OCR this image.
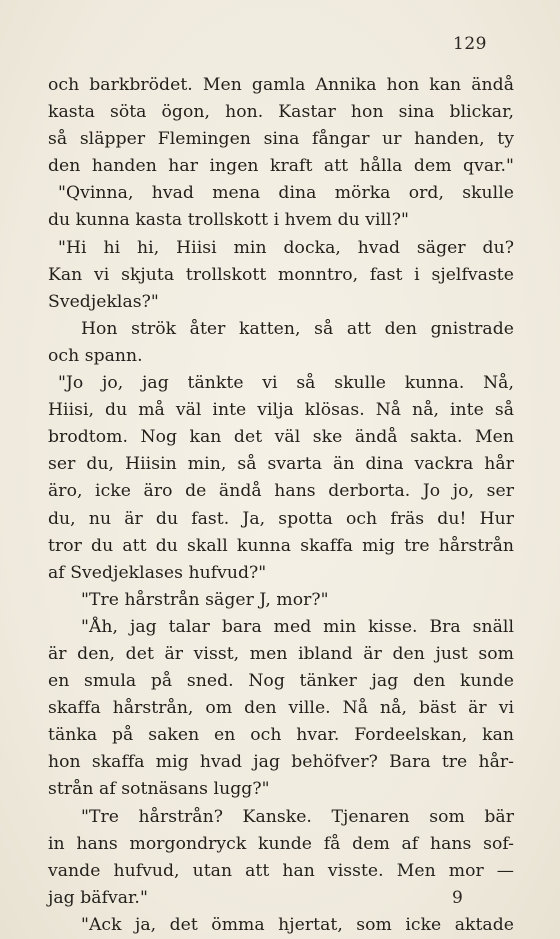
129
och barkbrödet. Men gamla Annika hon kan ändå
kasta söta ögon, hon. Kastar hon sina blickar,
så släpper Flemingen sina fångar ur handen, ty
den handen har ingen kraft att hålla dem qvar."
"Qvinna, hvad mena dina mörka ord, skulle
du kunna kasta trollskott i hvem du vill?"
"Hi hi hi, Hiisi min docka, hvad säger du?
Kan vi skjuta trollskott monntro, fast i sjelfvaste
Svedjeklas?"
Hon strök åter katten, så att den gnistrade
och spann.
"Jo jo, jag tänkte vi så skulle kunna. Nå,
Hiisi, du må väl inte vilja klösas. Nå nå, inte så
brodtom. Nog kan det väl ske ändå sakta. Men
ser du, Hiisin min, så svarta än dina vackra hår
äro, icke äro de ändå hans derborta. Jo jo, ser
du, nu är du fast. Ja, spotta och fräs du! Hur
tror du att du skall kunna skaffa mig tre hårstrån
af Svedjeklases hufvud?"
"Tre hårstrån säger J, mor?"
"Åh, jag talar bara med min kisse. Bra snäll
är den, det är visst, men ibland är den just som
en smula på sned. Nog tänker jag den kunde
skaffa hårstrån, om den ville. Nå nå, bäst är vi
tänka på saken en och hvar. Fordeelskan, kan
hon skaffa mig hvad jag behöfver? Bara tre hår-
strån af sotnäsans lugg?"
"Tre hårstrån? Kanske. Tjenaren som bär
in hans morgondryck kunde få dem af hans sof-
vande hufvud, utan att han visste. Men mor —
jag bäfvar."
"Ack ja, det ömma hjertat, som icke aktade
9
